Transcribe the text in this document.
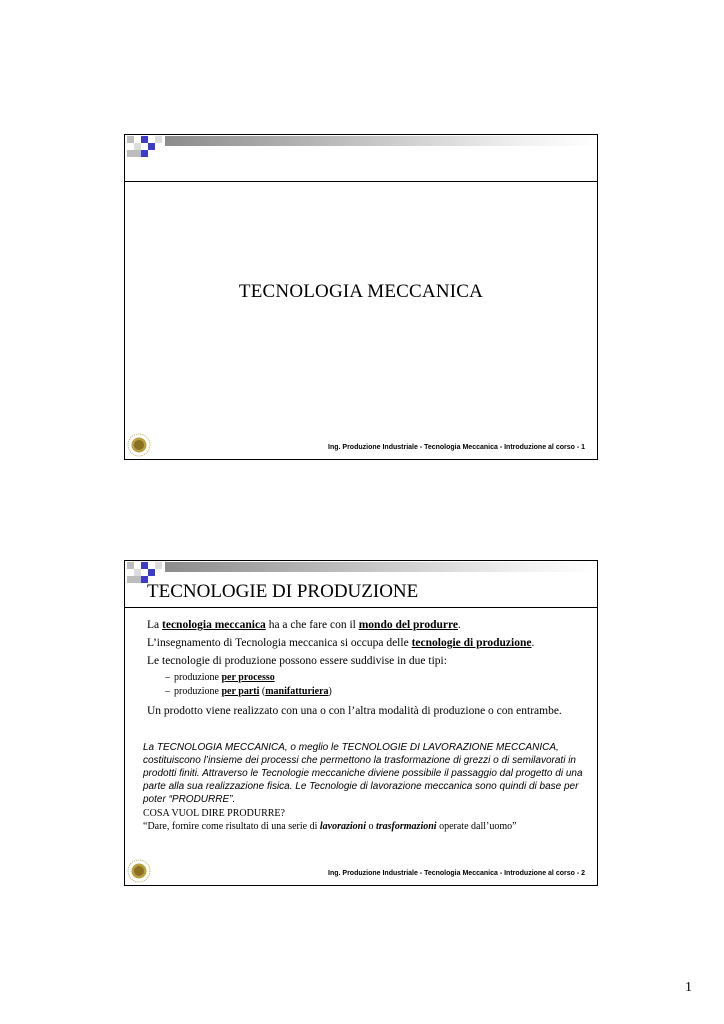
TECNOLOGIA MECCANICA
Ing. Produzione Industriale - Tecnologia Meccanica - Introduzione al corso - 1
TECNOLOGIE DI PRODUZIONE

La tecnologia meccanica ha a che fare con il mondo del produrre.

L’insegnamento di Tecnologia meccanica si occupa delle tecnologie di produzione.

Le tecnologie di produzione possono essere suddivise in due tipi:

– produzione per processo
– produzione per parti (manifatturiera)

Un prodotto viene realizzato con una o con l’altra modalità di produzione o con entrambe.

La TECNOLOGIA MECCANICA, o meglio le TECNOLOGIE DI LAVORAZIONE MECCANICA, costituiscono l’insieme dei processi che permettono la trasformazione di grezzi o di semilavorati in prodotti finiti. Attraverso le Tecnologie meccaniche diviene possibile il passaggio dal progetto di una parte alla sua realizzazione fisica. Le Tecnologie di lavorazione meccanica sono quindi di base per poter “PRODURRE”.
COSA VUOL DIRE PRODURRE?
“Dare, fornire come risultato di una serie di lavorazioni o trasformazioni operate dall’uomo”
Ing. Produzione Industriale - Tecnologia Meccanica - Introduzione al corso - 2
1
